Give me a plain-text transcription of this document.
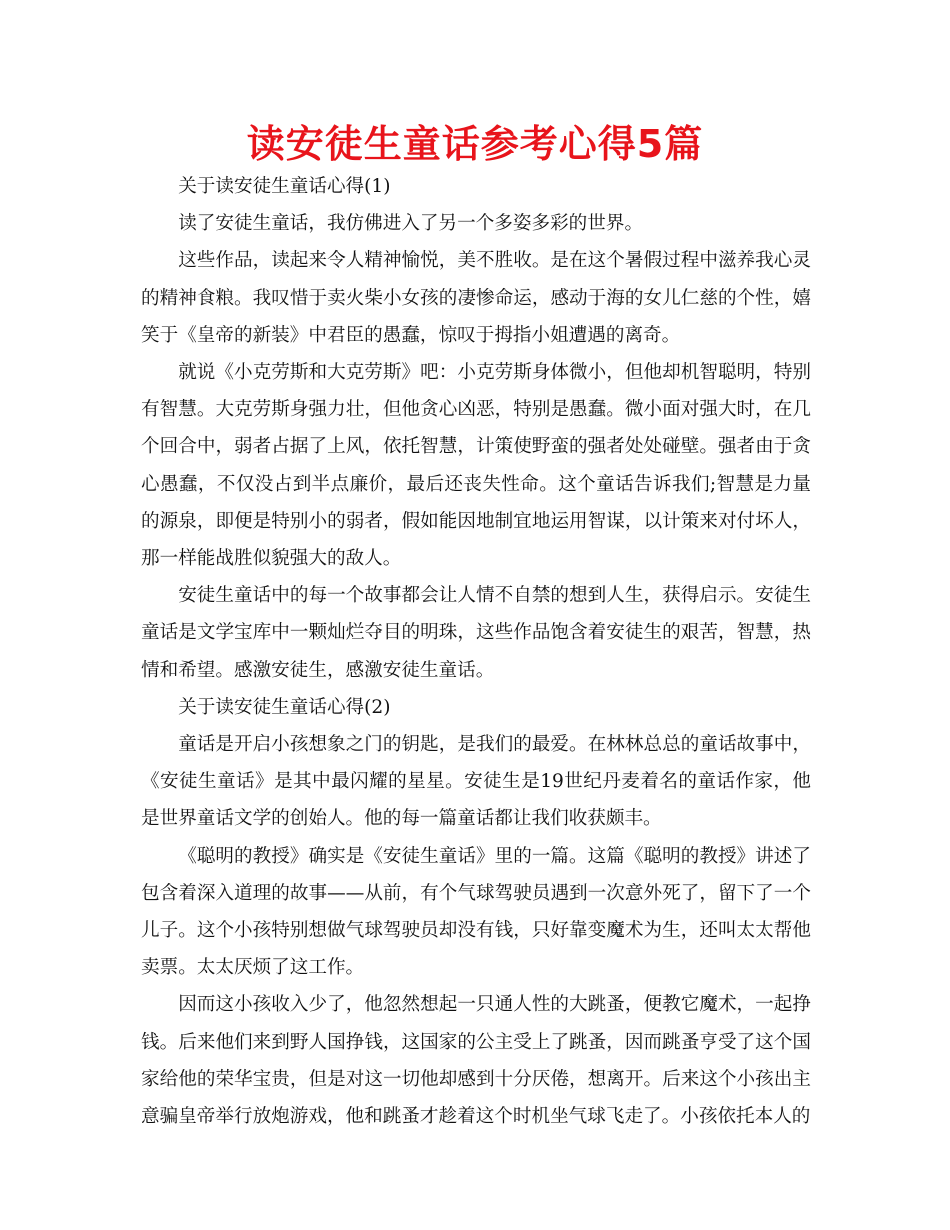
读安徒生童话参考心得5篇

关于读安徒生童话心得(1)

读了安徒生童话，我仿佛进入了另一个多姿多彩的世界。

这些作品，读起来令人精神愉悦，美不胜收。是在这个暑假过程中滋养我心灵的精神食粮。我叹惜于卖火柴小女孩的凄惨命运，感动于海的女儿仁慈的个性，嬉笑于《皇帝的新装》中君臣的愚蠢，惊叹于拇指小姐遭遇的离奇。

就说《小克劳斯和大克劳斯》吧：小克劳斯身体微小，但他却机智聪明，特别有智慧。大克劳斯身强力壮，但他贪心凶恶，特别是愚蠢。微小面对强大时，在几个回合中，弱者占据了上风，依托智慧，计策使野蛮的强者处处碰壁。强者由于贪心愚蠢，不仅没占到半点廉价，最后还丧失性命。这个童话告诉我们;智慧是力量的源泉，即便是特别小的弱者，假如能因地制宜地运用智谋，以计策来对付坏人，那一样能战胜似貌强大的敌人。

安徒生童话中的每一个故事都会让人情不自禁的想到人生，获得启示。安徒生童话是文学宝库中一颗灿烂夺目的明珠，这些作品饱含着安徒生的艰苦，智慧，热情和希望。感激安徒生，感激安徒生童话。

关于读安徒生童话心得(2)

童话是开启小孩想象之门的钥匙，是我们的最爱。在林林总总的童话故事中，《安徒生童话》是其中最闪耀的星星。安徒生是19世纪丹麦着名的童话作家，他是世界童话文学的创始人。他的每一篇童话都让我们收获颇丰。

《聪明的教授》确实是《安徒生童话》里的一篇。这篇《聪明的教授》讲述了包含着深入道理的故事——从前，有个气球驾驶员遇到一次意外死了，留下了一个儿子。这个小孩特别想做气球驾驶员却没有钱，只好靠变魔术为生，还叫太太帮他卖票。太太厌烦了这工作。

因而这小孩收入少了，他忽然想起一只通人性的大跳蚤，便教它魔术，一起挣钱。后来他们来到野人国挣钱，这国家的公主受上了跳蚤，因而跳蚤亨受了这个国家给他的荣华宝贵，但是对这一切他却感到十分厌倦，想离开。后来这个小孩出主意骗皇帝举行放炮游戏，他和跳蚤才趁着这个时机坐气球飞走了。小孩依托本人的
